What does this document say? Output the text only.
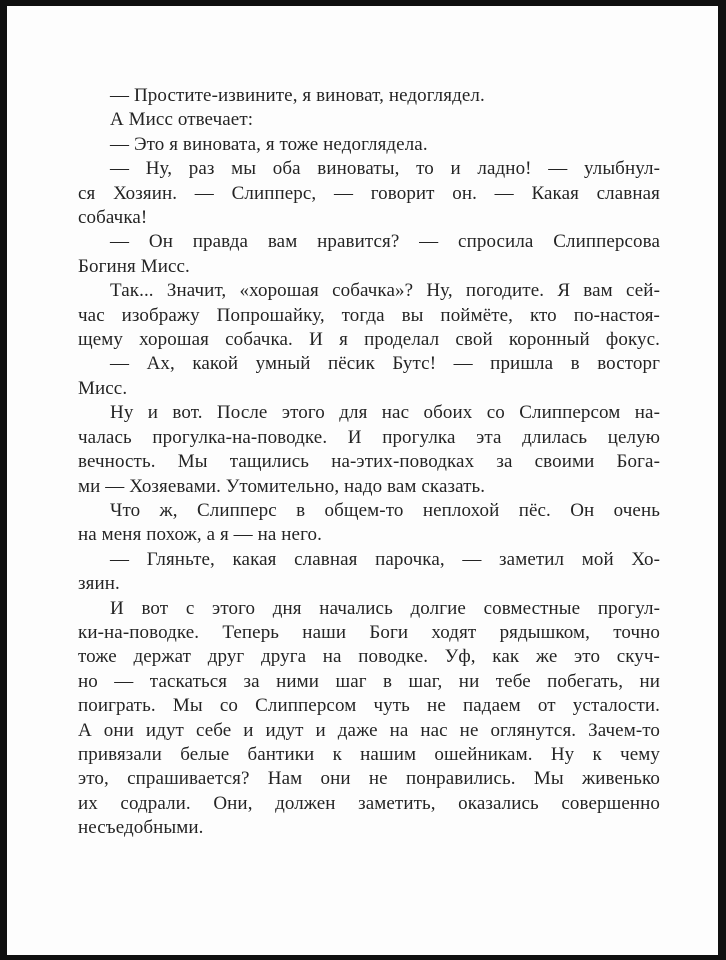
— Простите-извините, я виноват, недоглядел.
А Мисс отвечает:
— Это я виновата, я тоже недоглядела.
— Ну, раз мы оба виноваты, то и ладно! — улыбнул-
ся Хозяин. — Слипперс, — говорит он. — Какая славная
собачка!
— Он правда вам нравится? — спросила Слипперсова
Богиня Мисс.
Так... Значит, «хорошая собачка»? Ну, погодите. Я вам сей-
час изображу Попрошайку, тогда вы поймёте, кто по-настоя-
щему хорошая собачка. И я проделал свой коронный фокус.
— Ах, какой умный пёсик Бутс! — пришла в восторг
Мисс.
Ну и вот. После этого для нас обоих со Слипперсом на-
чалась прогулка-на-поводке. И прогулка эта длилась целую
вечность. Мы тащились на-этих-поводках за своими Бога-
ми — Хозяевами. Утомительно, надо вам сказать.
Что ж, Слипперс в общем-то неплохой пёс. Он очень
на меня похож, а я — на него.
— Гляньте, какая славная парочка, — заметил мой Хо-
зяин.
И вот с этого дня начались долгие совместные прогул-
ки-на-поводке. Теперь наши Боги ходят рядышком, точно
тоже держат друг друга на поводке. Уф, как же это скуч-
но — таскаться за ними шаг в шаг, ни тебе побегать, ни
поиграть. Мы со Слипперсом чуть не падаем от усталости.
А они идут себе и идут и даже на нас не оглянутся. Зачем-то
привязали белые бантики к нашим ошейникам. Ну к чему
это, спрашивается? Нам они не понравились. Мы живенько
их содрали. Они, должен заметить, оказались совершенно
несъедобными.
